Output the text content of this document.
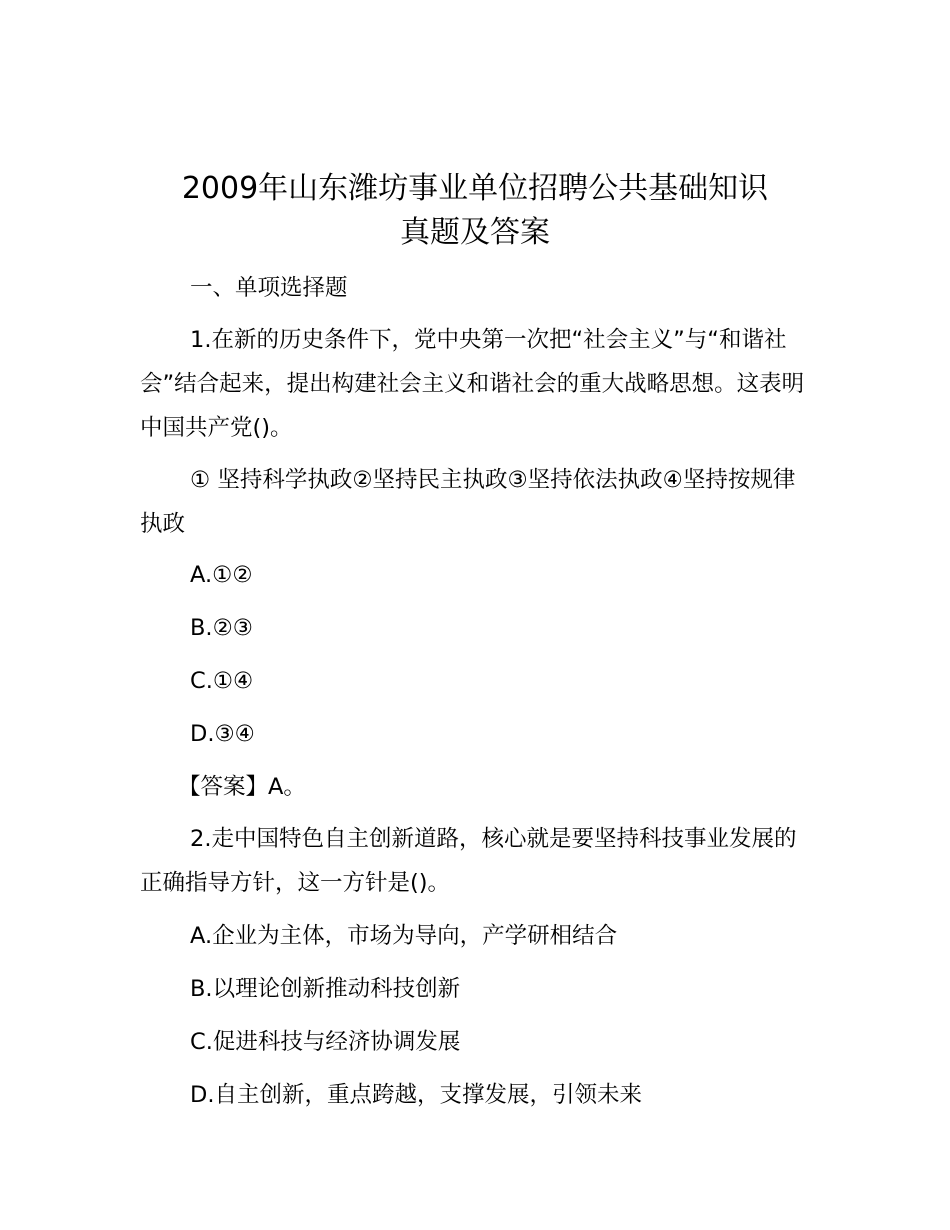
2009年山东潍坊事业单位招聘公共基础知识
真题及答案

一、单项选择题

1.在新的历史条件下，党中央第一次把“社会主义”与“和谐社会”结合起来，提出构建社会主义和谐社会的重大战略思想。这表明中国共产党()。

① 坚持科学执政②坚持民主执政③坚持依法执政④坚持按规律执政

A.①②

B.②③

C.①④

D.③④

【答案】A。

2.走中国特色自主创新道路，核心就是要坚持科技事业发展的正确指导方针，这一方针是()。

A.企业为主体，市场为导向，产学研相结合

B.以理论创新推动科技创新

C.促进科技与经济协调发展

D.自主创新，重点跨越，支撑发展，引领未来
